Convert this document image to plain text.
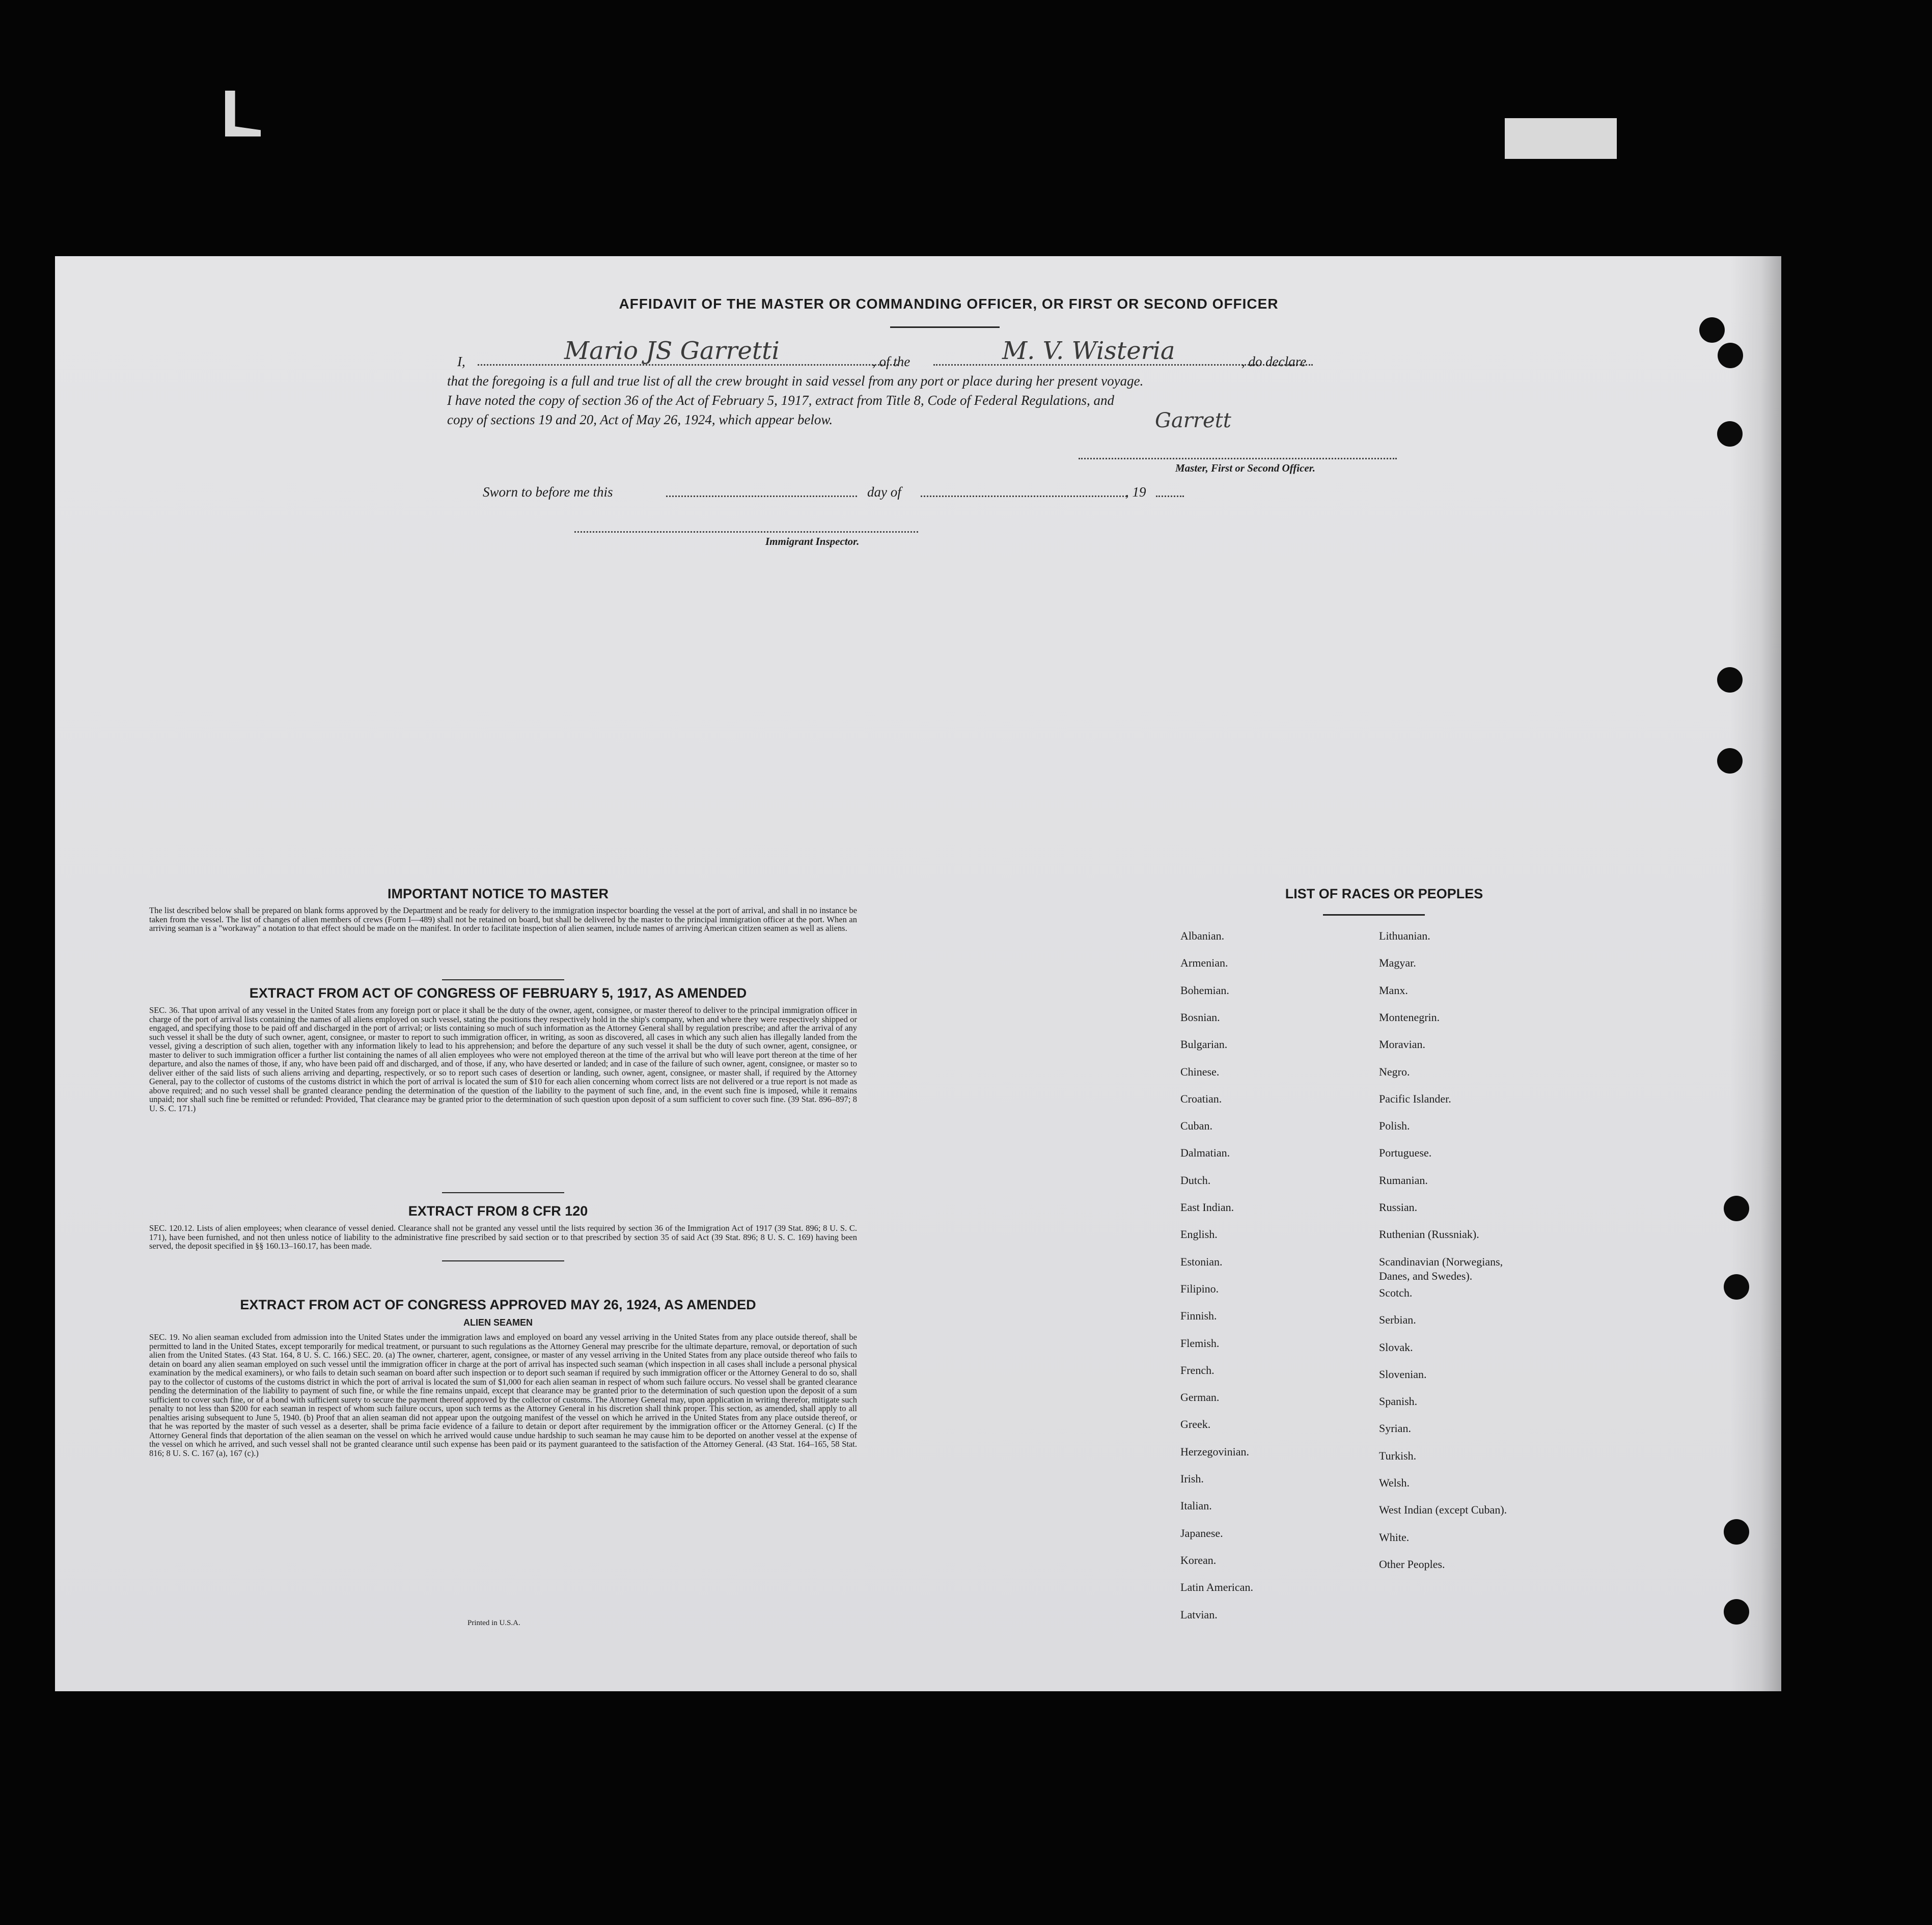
AFFIDAVIT OF THE MASTER OR COMMANDING OFFICER, OR FIRST OR SECOND OFFICER
I,	Mario JS Garretti	, of the	M. V. Wisteria	, do declare
that the foregoing is a full and true list of all the crew brought in said vessel from any port or place during her present voyage.
I have noted the copy of section 36 of the Act of February 5, 1917, extract from Title 8, Code of Federal Regulations, and
copy of sections 19 and 20, Act of May 26, 1924, which appear below.	Garrett
Master, First or Second Officer.
Sworn to before me this	day of	, 19
Immigrant Inspector.
IMPORTANT NOTICE TO MASTER
The list described below shall be prepared on blank forms approved by the Department and be ready for delivery to the immigration inspector boarding the vessel at the port of arrival, and shall in no instance be taken from the vessel. The list of changes of alien members of crews (Form I—489) shall not be retained on board, but shall be delivered by the master to the principal immigration officer at the port. When an arriving seaman is a "workaway" a notation to that effect should be made on the manifest. In order to facilitate inspection of alien seamen, include names of arriving American citizen seamen as well as aliens.
EXTRACT FROM ACT OF CONGRESS OF FEBRUARY 5, 1917, AS AMENDED
SEC. 36. That upon arrival of any vessel in the United States from any foreign port or place it shall be the duty of the owner, agent, consignee, or master thereof to deliver to the principal immigration officer in charge of the port of arrival lists containing the names of all aliens employed on such vessel, stating the positions they respectively hold in the ship's company, when and where they were respectively shipped or engaged, and specifying those to be paid off and discharged in the port of arrival; or lists containing so much of such information as the Attorney General shall by regulation prescribe; and after the arrival of any such vessel it shall be the duty of such owner, agent, consignee, or master to report to such immigration officer, in writing, as soon as discovered, all cases in which any such alien has illegally landed from the vessel, giving a description of such alien, together with any information likely to lead to his apprehension; and before the departure of any such vessel it shall be the duty of such owner, agent, consignee, or master to deliver to such immigration officer a further list containing the names of all alien employees who were not employed thereon at the time of the arrival but who will leave port thereon at the time of her departure, and also the names of those, if any, who have been paid off and discharged, and of those, if any, who have deserted or landed; and in case of the failure of such owner, agent, consignee, or master so to deliver either of the said lists of such aliens arriving and departing, respectively, or so to report such cases of desertion or landing, such owner, agent, consignee, or master shall, if required by the Attorney General, pay to the collector of customs of the customs district in which the port of arrival is located the sum of $10 for each alien concerning whom correct lists are not delivered or a true report is not made as above required; and no such vessel shall be granted clearance pending the determination of the question of the liability to the payment of such fine, and, in the event such fine is imposed, while it remains unpaid; nor shall such fine be remitted or refunded: Provided, That clearance may be granted prior to the determination of such question upon deposit of a sum sufficient to cover such fine. (39 Stat. 896–897; 8 U. S. C. 171.)
EXTRACT FROM 8 CFR 120
SEC. 120.12. Lists of alien employees; when clearance of vessel denied. Clearance shall not be granted any vessel until the lists required by section 36 of the Immigration Act of 1917 (39 Stat. 896; 8 U. S. C. 171), have been furnished, and not then unless notice of liability to the administrative fine prescribed by said section or to that prescribed by section 35 of said Act (39 Stat. 896; 8 U. S. C. 169) having been served, the deposit specified in §§ 160.13–160.17, has been made.
EXTRACT FROM ACT OF CONGRESS APPROVED MAY 26, 1924, AS AMENDED
ALIEN SEAMEN
SEC. 19. No alien seaman excluded from admission into the United States under the immigration laws and employed on board any vessel arriving in the United States from any place outside thereof, shall be permitted to land in the United States, except temporarily for medical treatment, or pursuant to such regulations as the Attorney General may prescribe for the ultimate departure, removal, or deportation of such alien from the United States. (43 Stat. 164, 8 U. S. C. 166.) SEC. 20. (a) The owner, charterer, agent, consignee, or master of any vessel arriving in the United States from any place outside thereof who fails to detain on board any alien seaman employed on such vessel until the immigration officer in charge at the port of arrival has inspected such seaman (which inspection in all cases shall include a personal physical examination by the medical examiners), or who fails to detain such seaman on board after such inspection or to deport such seaman if required by such immigration officer or the Attorney General to do so, shall pay to the collector of customs of the customs district in which the port of arrival is located the sum of $1,000 for each alien seaman in respect of whom such failure occurs. No vessel shall be granted clearance pending the determination of the liability to payment of such fine, or while the fine remains unpaid, except that clearance may be granted prior to the determination of such question upon the deposit of a sum sufficient to cover such fine, or of a bond with sufficient surety to secure the payment thereof approved by the collector of customs. The Attorney General may, upon application in writing therefor, mitigate such penalty to not less than $200 for each seaman in respect of whom such failure occurs, upon such terms as the Attorney General in his discretion shall think proper. This section, as amended, shall apply to all penalties arising subsequent to June 5, 1940. (b) Proof that an alien seaman did not appear upon the outgoing manifest of the vessel on which he arrived in the United States from any place outside thereof, or that he was reported by the master of such vessel as a deserter, shall be prima facie evidence of a failure to detain or deport after requirement by the immigration officer or the Attorney General. (c) If the Attorney General finds that deportation of the alien seaman on the vessel on which he arrived would cause undue hardship to such seaman he may cause him to be deported on another vessel at the expense of the vessel on which he arrived, and such vessel shall not be granted clearance until such expense has been paid or its payment guaranteed to the satisfaction of the Attorney General. (43 Stat. 164–165, 58 Stat. 816; 8 U. S. C. 167 (a), 167 (c).)
Printed in U.S.A.
LIST OF RACES OR PEOPLES
Albanian.
Armenian.
Bohemian.
Bosnian.
Bulgarian.
Chinese.
Croatian.
Cuban.
Dalmatian.
Dutch.
East Indian.
English.
Estonian.
Filipino.
Finnish.
Flemish.
French.
German.
Greek.
Herzegovinian.
Irish.
Italian.
Japanese.
Korean.
Latin American.
Latvian.
Lithuanian.
Magyar.
Manx.
Montenegrin.
Moravian.
Negro.
Pacific Islander.
Polish.
Portuguese.
Rumanian.
Russian.
Ruthenian (Russniak).
Scandinavian (Norwegians,
Danes, and Swedes).
Scotch.
Serbian.
Slovak.
Slovenian.
Spanish.
Syrian.
Turkish.
Welsh.
West Indian (except Cuban).
White.
Other Peoples.
